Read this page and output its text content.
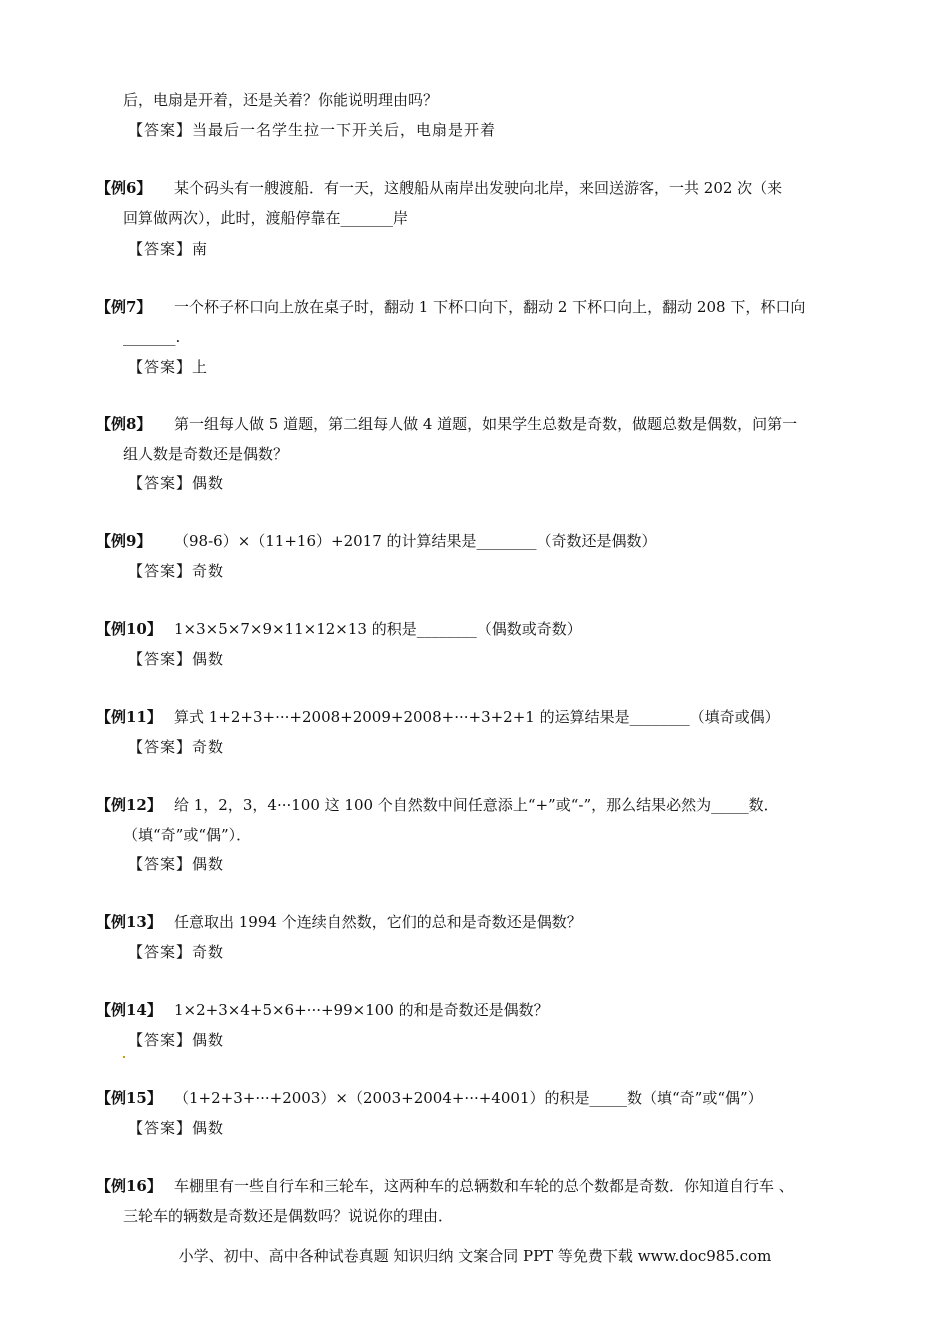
后，电扇是开着，还是关着？你能说明理由吗？
【答案】当最后一名学生拉一下开关后，电扇是开着
【例6】 某个码头有一艘渡船．有一天，这艘船从南岸出发驶向北岸，来回送游客，一共 202 次（来
回算做两次），此时，渡船停靠在_______岸
【答案】南
【例7】 一个杯子杯口向上放在桌子时，翻动 1 下杯口向下，翻动 2 下杯口向上，翻动 208 下，杯口向
_______.
【答案】上
【例8】 第一组每人做 5 道题，第二组每人做 4 道题，如果学生总数是奇数，做题总数是偶数，问第一
组人数是奇数还是偶数？
【答案】偶数
【例9】 （98-6）×（11+16）+2017 的计算结果是________（奇数还是偶数）
【答案】奇数
【例10】 1×3×5×7×9×11×12×13 的积是________（偶数或奇数）
【答案】偶数
【例11】 算式 1+2+3+···+2008+2009+2008+···+3+2+1 的运算结果是________（填奇或偶）
【答案】奇数
【例12】 给 1，2，3，4···100 这 100 个自然数中间任意添上“+”或“-”，那么结果必然为_____数．
（填“奇”或“偶”）．
【答案】偶数
【例13】 任意取出 1994 个连续自然数，它们的总和是奇数还是偶数？
【答案】奇数
【例14】 1×2+3×4+5×6+···+99×100 的和是奇数还是偶数？
【答案】偶数
【例15】 （1+2+3+···+2003）×（2003+2004+···+4001）的积是_____数（填“奇”或“偶”）
【答案】偶数
【例16】 车棚里有一些自行车和三轮车，这两种车的总辆数和车轮的总个数都是奇数．你知道自行车 、
三轮车的辆数是奇数还是偶数吗？说说你的理由．
小学、初中、高中各种试卷真题 知识归纳 文案合同 PPT 等免费下载 www.doc985.com
